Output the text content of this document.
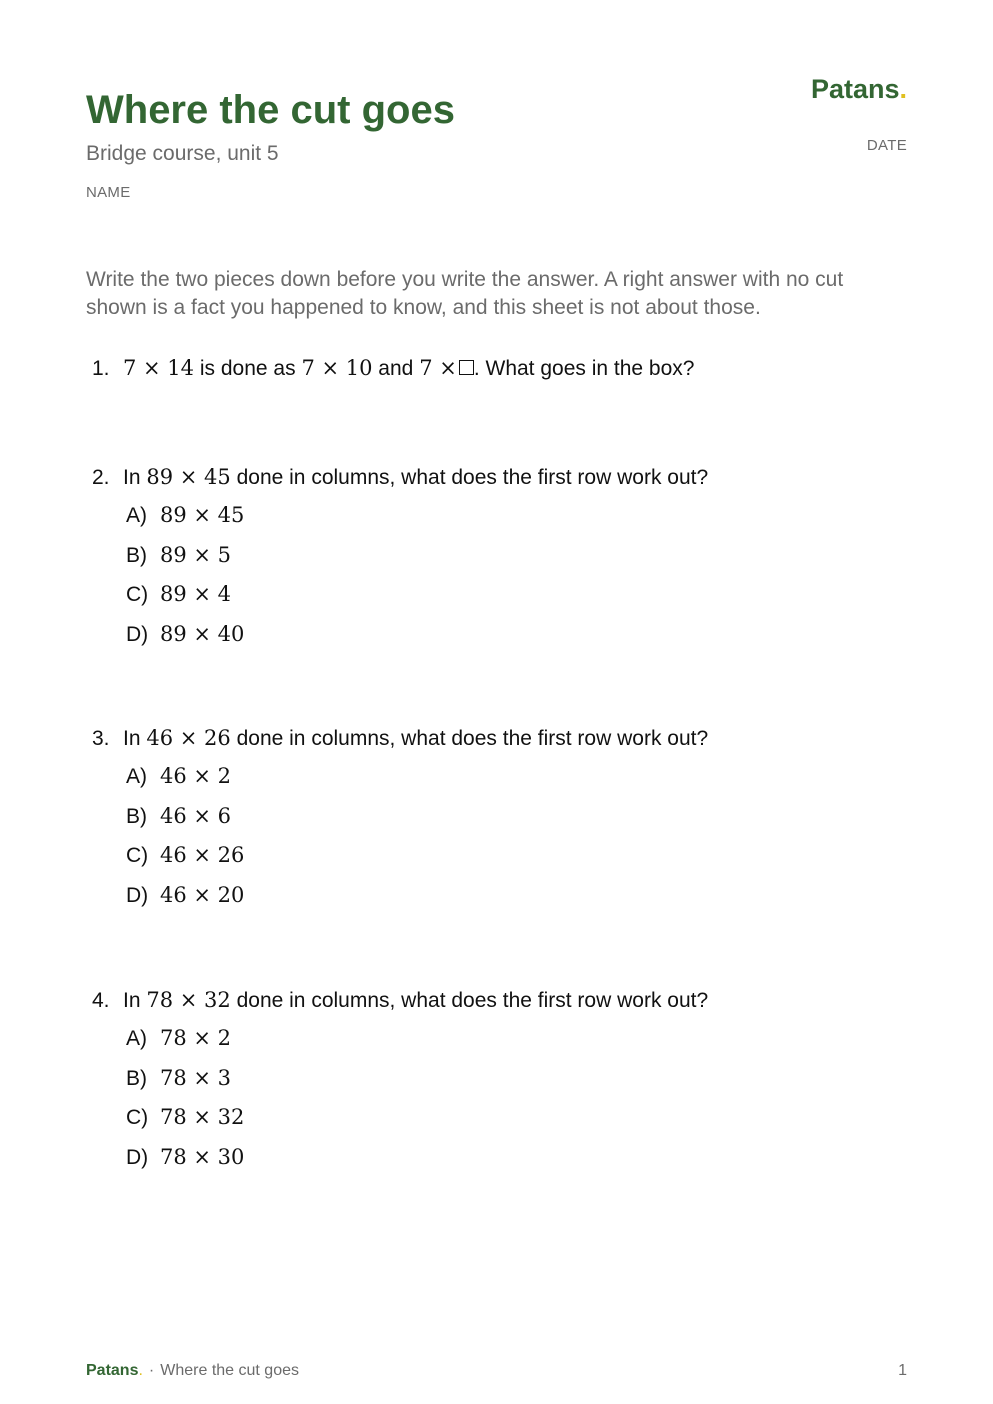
Where the cut goes
Bridge course, unit 5
NAME
DATE
Patans.

Write the two pieces down before you write the answer. A right answer with no cut shown is a fact you happened to know, and this sheet is not about those.

1. 7 × 14 is done as 7 × 10 and 7 × . What goes in the box?
2. In 89 × 45 done in columns, what does the first row work out?
A) 89 × 45
B) 89 × 5
C) 89 × 4
D) 89 × 40
3. In 46 × 26 done in columns, what does the first row work out?
A) 46 × 2
B) 46 × 6
C) 46 × 26
D) 46 × 20
4. In 78 × 32 done in columns, what does the first row work out?
A) 78 × 2
B) 78 × 3
C) 78 × 32
D) 78 × 30
Patans. · Where the cut goes	1
